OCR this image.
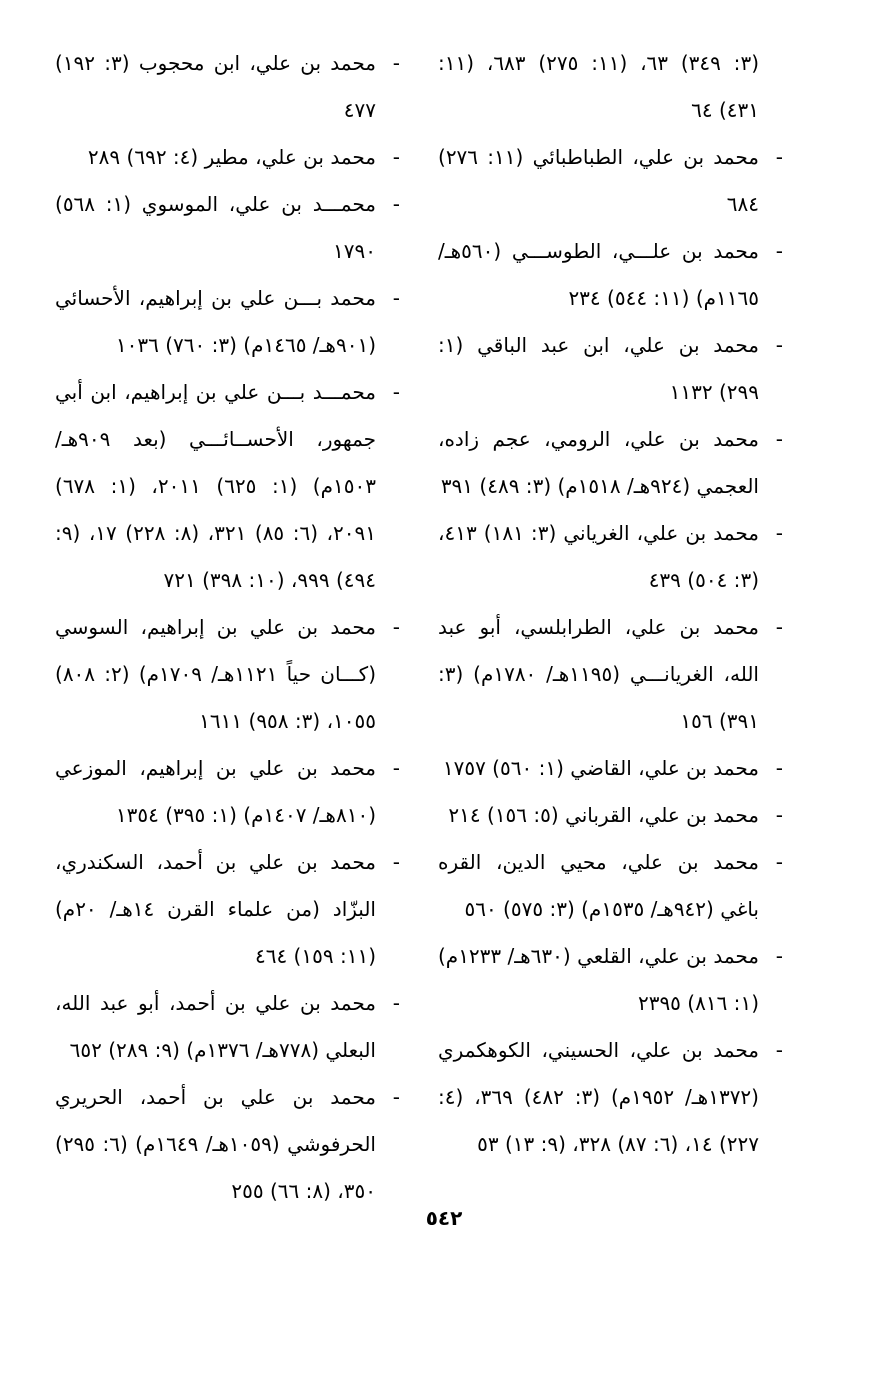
(٣: ٣٤٩) ٦٣، (١١: ٢٧٥) ٦٨٣، (١١: ٤٣١) ٦٤

- محمد بن علي، الطباطبائي (١١: ٢٧٦) ٦٨٤

- محمد بن علـــي، الطوســـي (٥٦٠هـ/ ١١٦٥م) (١١: ٥٤٤) ٢٣٤

- محمد بن علي، ابن عبد الباقي (١: ٢٩٩) ١١٣٢

- محمد بن علي، الرومي، عجم زاده، العجمي (٩٢٤هـ/ ١٥١٨م) (٣: ٤٨٩) ٣٩١

- محمد بن علي، الغرياني (٣: ١٨١) ٤١٣، (٣: ٥٠٤) ٤٣٩

- محمد بن علي، الطرابلسي، أبو عبد الله، الغريانـــي (١١٩٥هـ/ ١٧٨٠م) (٣: ٣٩١) ١٥٦

- محمد بن علي، القاضي (١: ٥٦٠) ١٧٥٧

- محمد بن علي، القرباني (٥: ١٥٦) ٢١٤

- محمد بن علي، محيي الدين، القره باغي (٩٤٢هـ/ ١٥٣٥م) (٣: ٥٧٥) ٥٦٠

- محمد بن علي، القلعي (٦٣٠هـ/ ١٢٣٣م) (١: ٨١٦) ٢٣٩٥

- محمد بن علي، الحسيني، الكوهكمري (١٣٧٢هـ/ ١٩٥٢م) (٣: ٤٨٢) ٣٦٩، (٤: ٢٢٧) ١٤، (٦: ٨٧) ٣٢٨، (٩: ١٣) ٥٣

- محمد بن علي، ابن محجوب (٣: ١٩٢) ٤٧٧

- محمد بن علي، مطير (٤: ٦٩٢) ٢٨٩

- محمـــد بن علي، الموسوي (١: ٥٦٨) ١٧٩٠

- محمد بـــن علي بن إبراهيم، الأحسائي (٩٠١هـ/ ١٤٦٥م) (٣: ٧٦٠) ١٠٣٦

- محمـــد بـــن علي بن إبراهيم، ابن أبي جمهور، الأحســائـــي (بعد ٩٠٩هـ/ ١٥٠٣م) (١: ٦٢٥) ٢٠١١، (١: ٦٧٨) ٢٠٩١، (٦: ٨٥) ٣٢١، (٨: ٢٢٨) ١٧، (٩: ٤٩٤) ٩٩٩، (١٠: ٣٩٨) ٧٢١

- محمد بن علي بن إبراهيم، السوسي (كـــان حياً ١١٢١هـ/ ١٧٠٩م) (٢: ٨٠٨) ١٠٥٥، (٣: ٩٥٨) ١٦١١

- محمد بن علي بن إبراهيم، الموزعي (٨١٠هـ/ ١٤٠٧م) (١: ٣٩٥) ١٣٥٤

- محمد بن علي بن أحمد، السكندري، البزّاد (من علماء القرن ١٤هـ/ ٢٠م) (١١: ١٥٩) ٤٦٤

- محمد بن علي بن أحمد، أبو عبد الله، البعلي (٧٧٨هـ/ ١٣٧٦م) (٩: ٢٨٩) ٦٥٢

- محمد بن علي بن أحمد، الحريري الحرفوشي (١٠٥٩هـ/ ١٦٤٩م) (٦: ٢٩٥) ٣٥٠، (٨: ٦٦) ٢٥٥

٥٤٢
